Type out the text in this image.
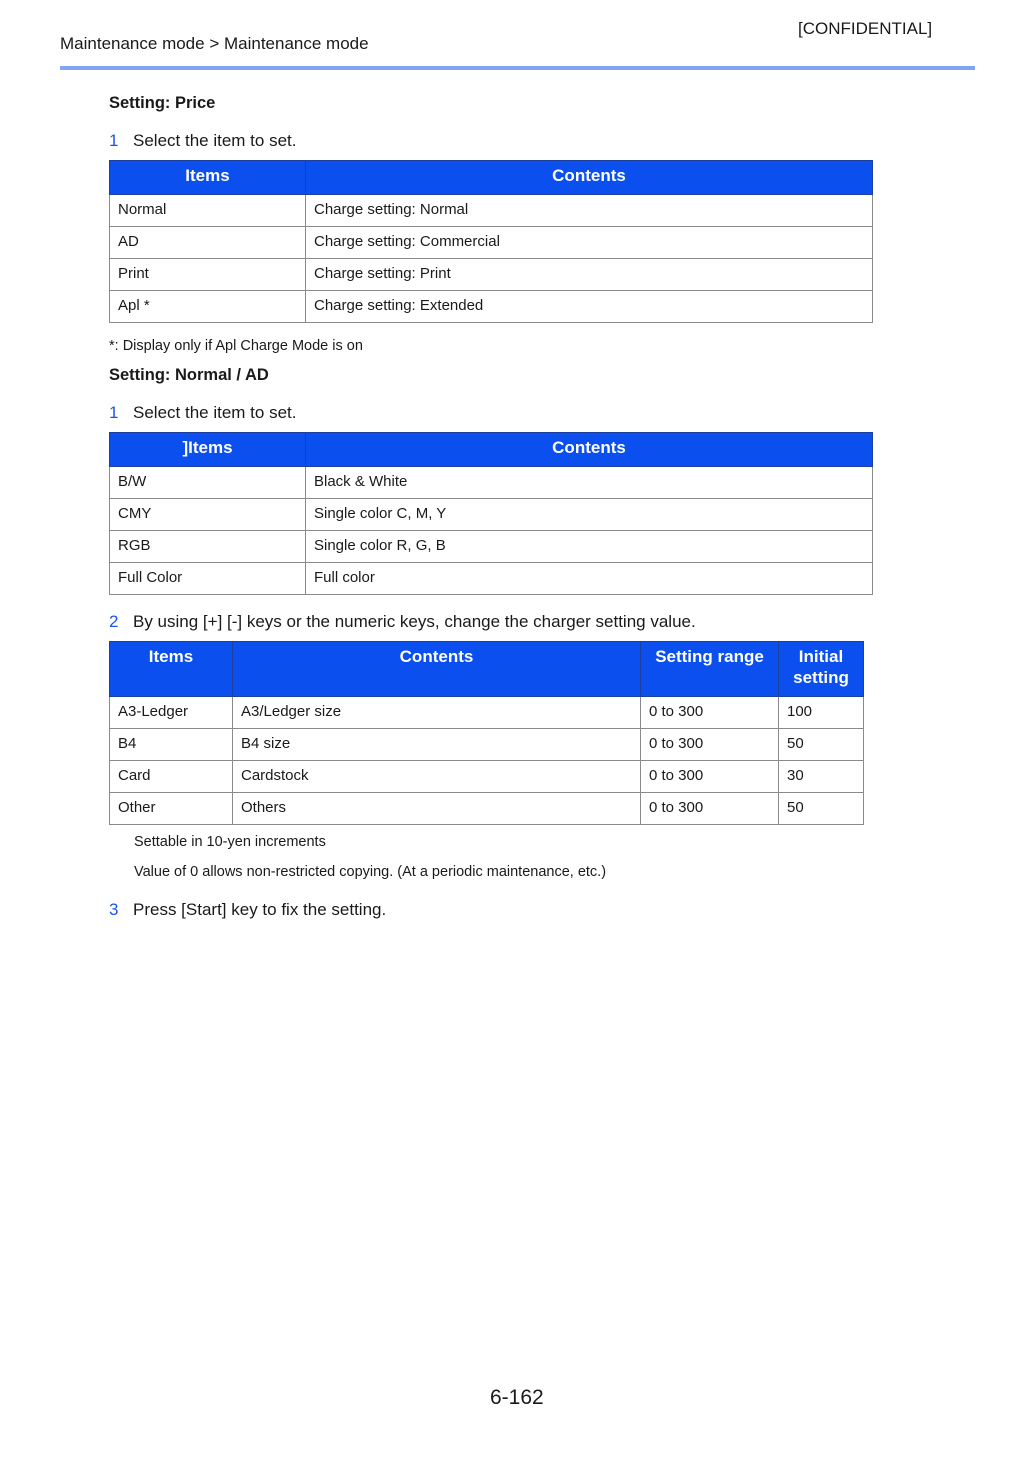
[CONFIDENTIAL]
Maintenance mode > Maintenance mode
Setting: Price
1 Select the item to set.
Items	Contents
Normal	Charge setting: Normal
AD	Charge setting: Commercial
Print	Charge setting: Print
Apl *	Charge setting: Extended
*: Display only if Apl Charge Mode is on
Setting: Normal / AD
1 Select the item to set.
]Items	Contents
B/W	Black & White
CMY	Single color C, M, Y
RGB	Single color R, G, B
Full Color	Full color
2 By using [+] [-] keys or the numeric keys, change the charger setting value.
Items	Contents	Setting range	Initial setting
A3-Ledger	A3/Ledger size	0 to 300	100
B4	B4 size	0 to 300	50
Card	Cardstock	0 to 300	30
Other	Others	0 to 300	50
Settable in 10-yen increments
Value of 0 allows non-restricted copying. (At a periodic maintenance, etc.)
3 Press [Start] key to fix the setting.
6-162
